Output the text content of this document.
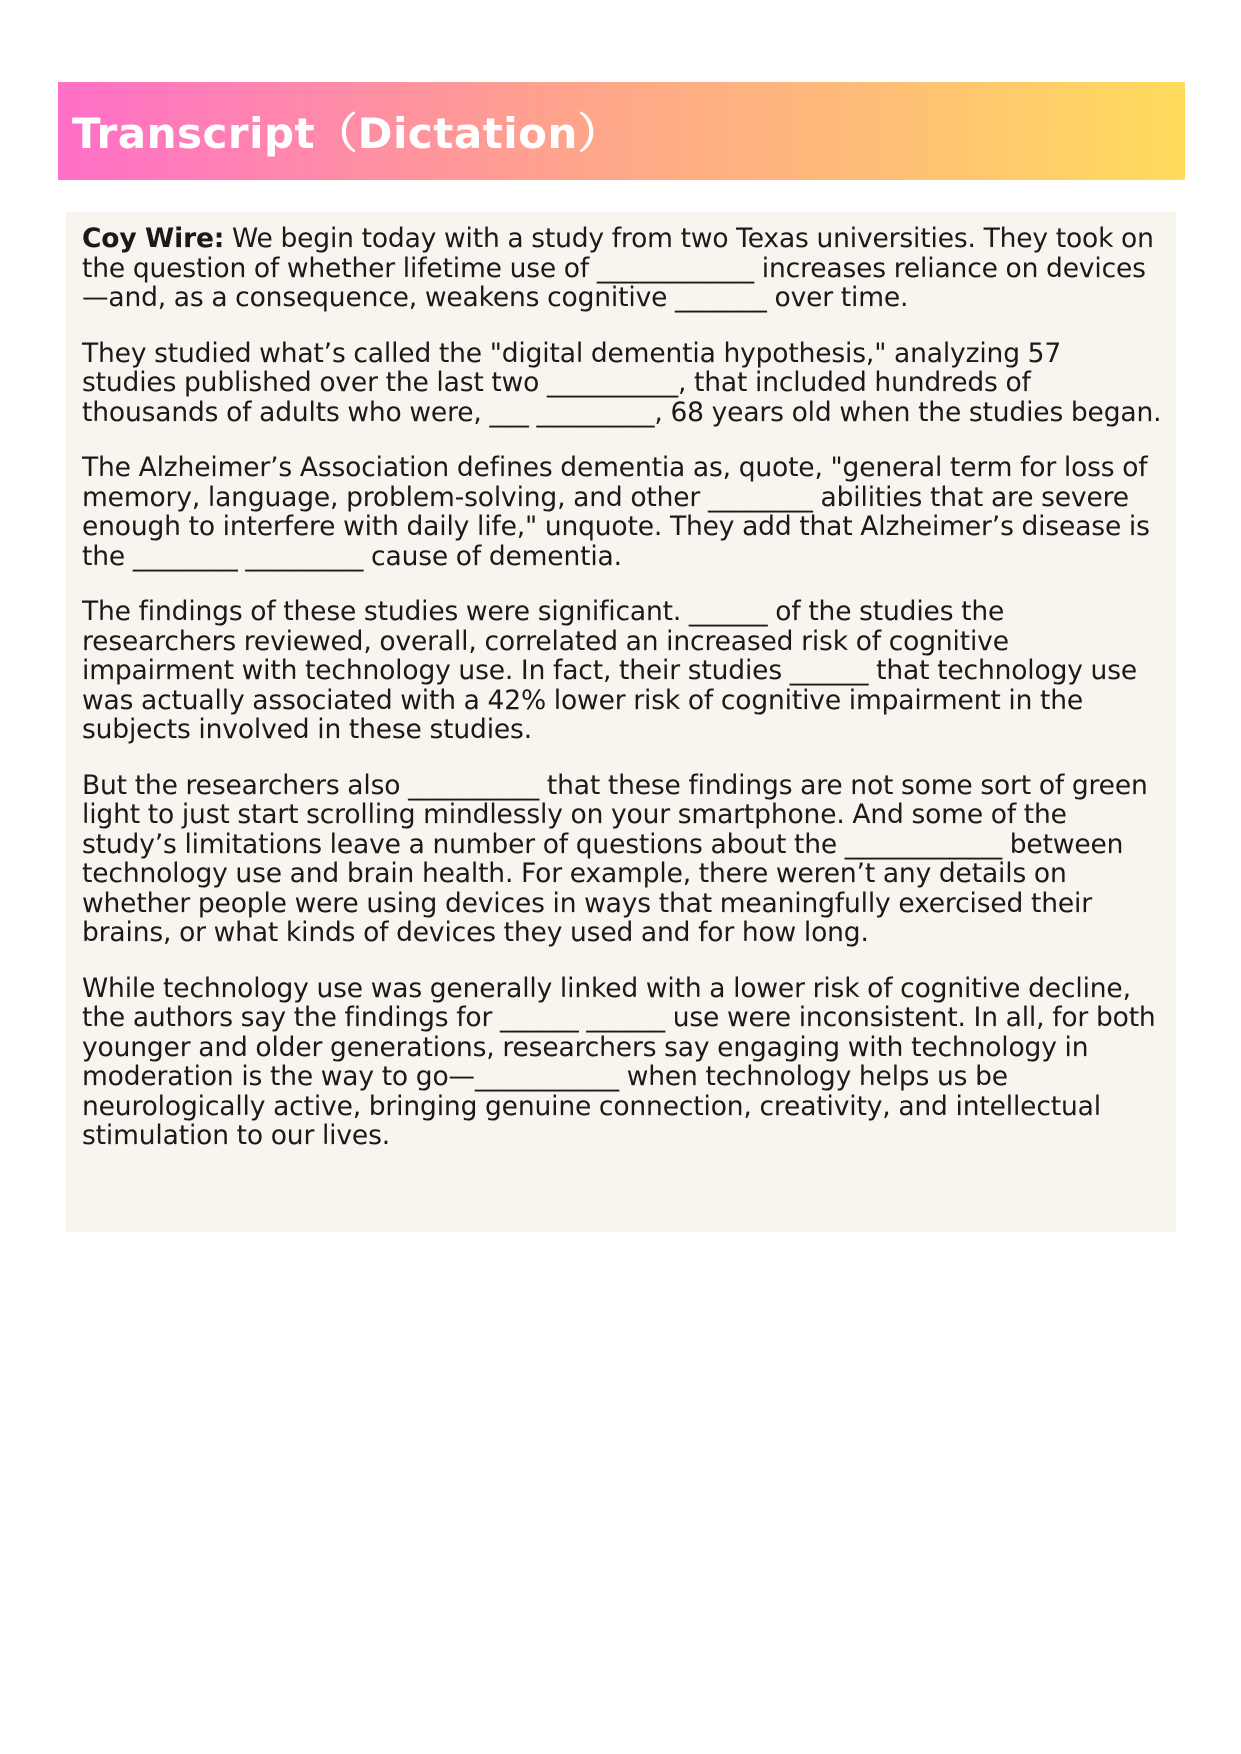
Transcript（Dictation）

Coy Wire: We begin today with a study from two Texas universities. They took on the question of whether lifetime use of ____________ increases reliance on devices—and, as a consequence, weakens cognitive _______ over time.

They studied what’s called the "digital dementia hypothesis," analyzing 57 studies published over the last two __________, that included hundreds of thousands of adults who were, ___ _________, 68 years old when the studies began.

The Alzheimer’s Association defines dementia as, quote, "general term for loss of memory, language, problem-solving, and other ________ abilities that are severe enough to interfere with daily life," unquote. They add that Alzheimer’s disease is the ________ _________ cause of dementia.

The findings of these studies were significant. ______ of the studies the researchers reviewed, overall, correlated an increased risk of cognitive impairment with technology use. In fact, their studies ______ that technology use was actually associated with a 42% lower risk of cognitive impairment in the subjects involved in these studies.

But the researchers also __________ that these findings are not some sort of green light to just start scrolling mindlessly on your smartphone. And some of the study’s limitations leave a number of questions about the ____________ between technology use and brain health. For example, there weren’t any details on whether people were using devices in ways that meaningfully exercised their brains, or what kinds of devices they used and for how long.

While technology use was generally linked with a lower risk of cognitive decline, the authors say the findings for ______ ______ use were inconsistent. In all, for both younger and older generations, researchers say engaging with technology in moderation is the way to go—___________ when technology helps us be neurologically active, bringing genuine connection, creativity, and intellectual stimulation to our lives.
